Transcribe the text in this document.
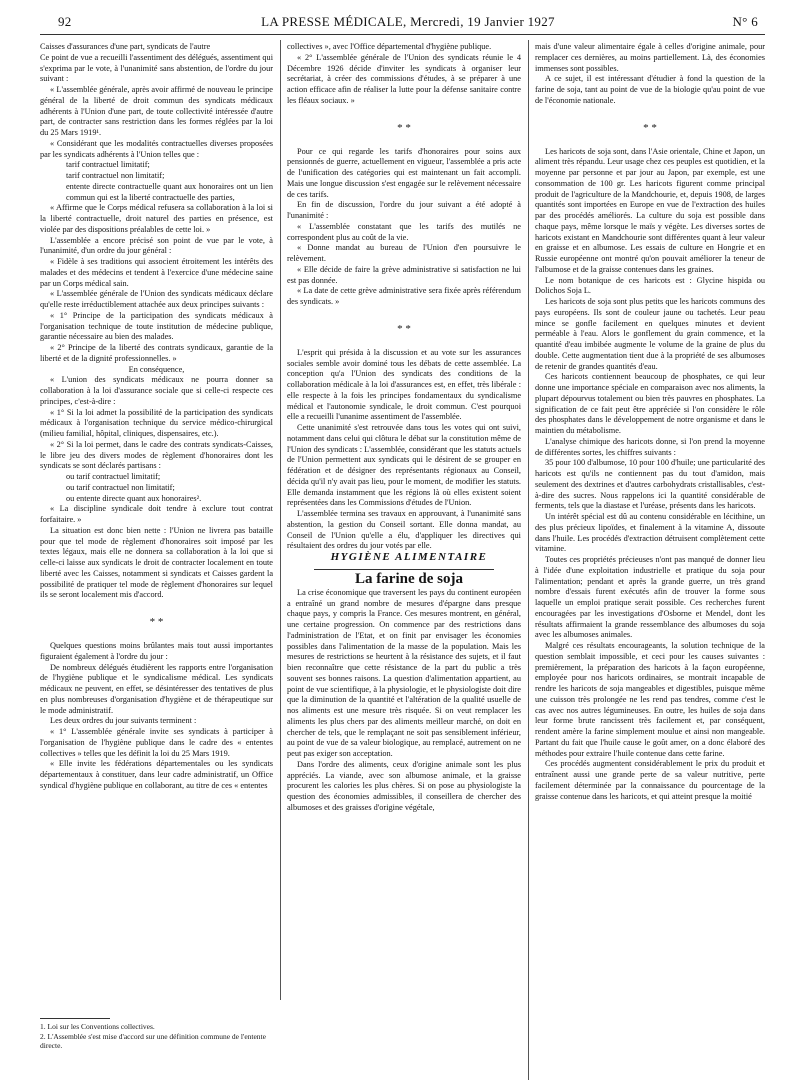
92	LA PRESSE MÉDICALE, Mercredi, 19 Janvier 1927	N° 6

Caisses d'assurances d'une part, syndicats de l'autre

Ce point de vue a recueilli l'assentiment des délégués, assentiment qui s'exprima par le vote, à l'unanimité sans abstention, de l'ordre du jour suivant :

« L'assemblée générale, après avoir affirmé de nouveau le principe général de la liberté de droit commun des syndicats médicaux adhérents à l'Union d'une part, de toute collectivité intéressée d'autre part, de contracter sans restriction dans les formes réglées par la loi du 25 Mars 1919¹.

« Considérant que les modalités contractuelles diverses proposées par les syndicats adhérents à l'Union telles que :

tarif contractuel limitatif;

tarif contractuel non limitatif;

entente directe contractuelle quant aux honoraires ont un lien commun qui est la liberté contractuelle des parties,

« Affirme que le Corps médical refusera sa collaboration à la loi si la liberté contractuelle, droit naturel des parties en présence, est violée par des dispositions préalables de cette loi. »

L'assemblée a encore précisé son point de vue par le vote, à l'unanimité, d'un ordre du jour général :

« Fidèle à ses traditions qui associent étroitement les intérêts des malades et des médecins et tendent à l'exercice d'une médecine saine par un Corps médical sain.

« L'assemblée générale de l'Union des syndicats médicaux déclare qu'elle reste irréductiblement attachée aux deux principes suivants :

« 1° Principe de la participation des syndicats médicaux à l'organisation technique de toute institution de médecine publique, garantie nécessaire au bien des malades.

« 2° Principe de la liberté des contrats syndicaux, garantie de la liberté et de la dignité professionnelles. »

En conséquence,

« L'union des syndicats médicaux ne pourra donner sa collaboration à la loi d'assurance sociale que si celle-ci respecte ces principes, c'est-à-dire :

« 1° Si la loi admet la possibilité de la participation des syndicats médicaux à l'organisation technique du service médico-chirurgical (milieu familial, hôpital, cliniques, dispensaires, etc.).

« 2° Si la loi permet, dans le cadre des contrats syndicats-Caisses, le libre jeu des divers modes de règlement d'honoraires dont les syndicats se sont déclarés partisans :

ou tarif contractuel limitatif;

ou tarif contractuel non limitatif;

ou entente directe quant aux honoraires².

« La discipline syndicale doit tendre à exclure tout contrat forfaitaire. »

La situation est donc bien nette : l'Union ne livrera pas bataille pour que tel mode de règlement d'honoraires soit imposé par les textes légaux, mais elle ne donnera sa collaboration à la loi que si celle-ci laisse aux syndicats le droit de contracter localement en toute liberté avec les Caisses, notamment si syndicats et Caisses gardent la possibilité de pratiquer tel mode de règlement d'honoraires sur lequel ils se seront localement mis d'accord.

* *

Quelques questions moins brûlantes mais tout aussi importantes figuraient également à l'ordre du jour :

De nombreux délégués étudièrent les rapports entre l'organisation de l'hygiène publique et le syndicalisme médical. Les syndicats médicaux ne peuvent, en effet, se désintéresser des tentatives de plus en plus nombreuses d'organisation d'hygiène et de thérapeutique sur le mode administratif.

Les deux ordres du jour suivants terminent :

« 1° L'assemblée générale invite ses syndicats à participer à l'organisation de l'hygiène publique dans le cadre des « ententes collectives » telles que les définit la loi du 25 Mars 1919.

« Elle invite les fédérations départementales ou les syndicats départementaux à constituer, dans leur cadre administratif, un Office syndical d'hygiène publique en collaborant, au titre de ces « ententes

1. Loi sur les Conventions collectives.

2. L'Assemblée s'est mise d'accord sur une définition commune de l'entente directe.

collectives », avec l'Office départemental d'hygiène publique.

« 2° L'assemblée générale de l'Union des syndicats réunie le 4 Décembre 1926 décide d'inviter les syndicats à organiser leur secrétariat, à créer des commissions d'études, à se préparer à une action efficace afin de réaliser la lutte pour la défense sanitaire contre les fléaux sociaux. »

* *

Pour ce qui regarde les tarifs d'honoraires pour soins aux pensionnés de guerre, actuellement en vigueur, l'assemblée a pris acte de l'unification des catégories qui est maintenant un fait accompli. Mais une longue discussion s'est engagée sur le relèvement nécessaire de ces tarifs.

En fin de discussion, l'ordre du jour suivant a été adopté à l'unanimité :

« L'assemblée constatant que les tarifs des mutilés ne correspondent plus au coût de la vie.

« Donne mandat au bureau de l'Union d'en poursuivre le relèvement.

« Elle décide de faire la grève administrative si satisfaction ne lui est pas donnée.

« La date de cette grève administrative sera fixée après référendum des syndicats. »

* *

L'esprit qui présida à la discussion et au vote sur les assurances sociales semble avoir dominé tous les débats de cette assemblée. La conception qu'a l'Union des syndicats des conditions de la collaboration médicale à la loi d'assurances est, en effet, très libérale : elle respecte à la fois les principes fondamentaux du syndicalisme médical et l'autonomie syndicale, le droit commun. C'est pourquoi elle a recueilli l'unanime assentiment de l'assemblée.

Cette unanimité s'est retrouvée dans tous les votes qui ont suivi, notamment dans celui qui clôtura le débat sur la constitution même de l'Union des syndicats : L'assemblée, considérant que les statuts actuels de l'Union permettent aux syndicats qui le désirent de se grouper en fédération et de désigner des représentants régionaux au Conseil, décida qu'il n'y avait pas lieu, pour le moment, de modifier les statuts. Elle demanda instamment que les régions là où elles existent soient représentées dans les Commissions d'études de l'Union.

L'assemblée termina ses travaux en approuvant, à l'unanimité sans abstention, la gestion du Conseil sortant. Elle donna mandat, au Conseil de l'Union qu'elle a élu, d'appliquer les directives qui résultaient des ordres du jour votés par elle.

HYGIÈNE ALIMENTAIRE

La farine de soja

La crise économique que traversent les pays du continent européen a entraîné un grand nombre de mesures d'épargne dans presque chaque pays, y compris la France. Ces mesures montrent, en général, une certaine progression. On commence par des restrictions dans l'administration de l'Etat, et on finit par envisager les économies possibles dans l'alimentation de la masse de la population. Mais les mesures de restrictions se heurtent à la résistance des sujets, et il faut bien reconnaître que cette résistance de la part du public a très souvent ses bonnes raisons. La question d'alimentation appartient, au point de vue scientifique, à la physiologie, et le physiologiste doit dire que la diminution de la quantité et l'altération de la qualité usuelle de nos aliments est une mesure très risquée. Si on veut remplacer les aliments les plus chers par des aliments meilleur marché, on doit en chercher de tels, que le remplaçant ne soit pas sensiblement inférieur, au point de vue de sa valeur biologique, au remplacé, autrement on ne peut pas exiger son acceptation.

Dans l'ordre des aliments, ceux d'origine animale sont les plus appréciés. La viande, avec son albumose animale, et la graisse procurent les calories les plus chères. Si on pose au physiologiste la question des économies admissibles, il conseillera de chercher des albumoses et des graisses d'origine végétale,

mais d'une valeur alimentaire égale à celles d'origine animale, pour remplacer ces dernières, au moins partiellement. Là, des économies immenses sont possibles.

A ce sujet, il est intéressant d'étudier à fond la question de la farine de soja, tant au point de vue de la biologie qu'au point de vue de l'économie nationale.

* *

Les haricots de soja sont, dans l'Asie orientale, Chine et Japon, un aliment très répandu. Leur usage chez ces peuples est quotidien, et la moyenne par personne et par jour au Japon, par exemple, est une consommation de 100 gr. Les haricots figurent comme principal produit de l'agriculture de la Mandchourie, et, depuis 1908, de larges quantités sont importées en Europe en vue de l'extraction des huiles par des procédés améliorés. La culture du soja est possible dans chaque pays, même lorsque le maïs y végète. Les diverses sortes de haricots existant en Mandchourie sont différentes quant à leur valeur en graisse et en albumose. Les essais de culture en Hongrie et en Russie européenne ont montré qu'on pouvait améliorer la teneur de l'albumose et de la graisse contenues dans les graines.

Le nom botanique de ces haricots est : Glycine hispida ou Dolichos Soja L.

Les haricots de soja sont plus petits que les haricots communs des pays européens. Ils sont de couleur jaune ou tachetés. Leur peau mince se gonfle facilement en quelques minutes et devient perméable à l'eau. Alors le gonflement du grain commence, et la quantité d'eau imbibée augmente le volume de la graine de plus du double. Cette augmentation tient due à la propriété de ses albumoses de retenir de grandes quantités d'eau.

Ces haricots contiennent beaucoup de phosphates, ce qui leur donne une importance spéciale en comparaison avec nos aliments, la plupart dépourvus totalement ou bien très pauvres en phosphates. La signification de ce fait peut être appréciée si l'on considère le rôle des phosphates dans le développement de notre organisme et dans le maintien du métabolisme.

L'analyse chimique des haricots donne, si l'on prend la moyenne de différentes sortes, les chiffres suivants :

35 pour 100 d'albumose, 10 pour 100 d'huile; une particularité des haricots est qu'ils ne contiennent pas du tout d'amidon, mais seulement des dextrines et d'autres carbohydrats cristallisables, c'est-à-dire des sucres. Nous rappelons ici la quantité considérable de ferments, tels que la diastase et l'uréase, présents dans les haricots.

Un intérêt spécial est dû au contenu considérable en lécithine, un des plus précieux lipoïdes, et finalement à la vitamine A, dissoute dans l'huile. Les procédés d'extraction détruisent complètement cette vitamine.

Toutes ces propriétés précieuses n'ont pas manqué de donner lieu à l'idée d'une exploitation industrielle et pratique du soja pour l'alimentation; pendant et après la grande guerre, un très grand nombre d'essais furent exécutés afin de trouver la forme sous laquelle un emploi pratique serait possible. Ces recherches furent encouragées par les investigations d'Osborne et Mendel, dont les résultats affirmaient la grande ressemblance des albumoses du soja avec les albumoses animales.

Malgré ces résultats encourageants, la solution technique de la question semblait impossible, et ceci pour les causes suivantes : premièrement, la préparation des haricots à la façon européenne, employée pour nos haricots ordinaires, se montrait incapable de rendre les haricots de soja mangeables et digestibles, puisque même une cuisson très prolongée ne les rend pas tendres, comme c'est le cas avec nos autres légumineuses. En outre, les huiles de soja dans leur forme brute rancissent très facilement et, par conséquent, rendent amère la farine simplement moulue et ainsi non mangeable. Partant du fait que l'huile cause le goût amer, on a donc élaboré des méthodes pour extraire l'huile contenue dans cette farine.

Ces procédés augmentent considérablement le prix du produit et entraînent aussi une grande perte de sa valeur nutritive, perte facilement déterminée par la connaissance du pourcentage de la graisse contenue dans les haricots, et qui atteint presque la moitié
